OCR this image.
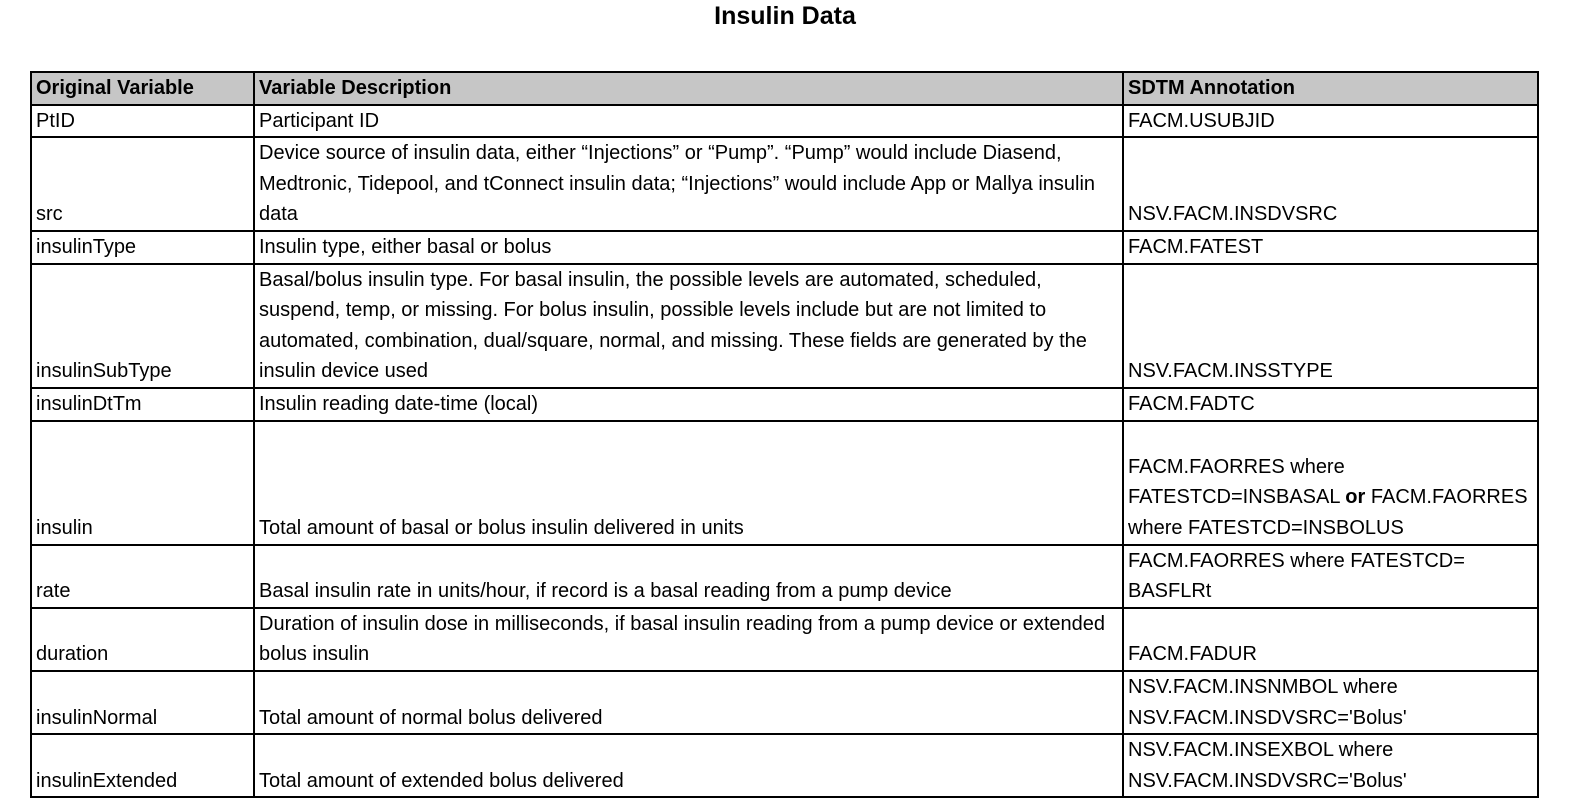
Insulin Data
Original Variable	Variable Description	SDTM Annotation
PtID	Participant ID	FACM.USUBJID
src	Device source of insulin data, either “Injections” or “Pump”. “Pump” would include Diasend, Medtronic, Tidepool, and tConnect insulin data; “Injections” would include App or Mallya insulin data	NSV.FACM.INSDVSRC
insulinType	Insulin type, either basal or bolus	FACM.FATEST
insulinSubType	Basal/bolus insulin type. For basal insulin, the possible levels are automated, scheduled, suspend, temp, or missing. For bolus insulin, possible levels include but are not limited to automated, combination, dual/square, normal, and missing. These fields are generated by the insulin device used	NSV.FACM.INSSTYPE
insulinDtTm	Insulin reading date-time (local)	FACM.FADTC
insulin	Total amount of basal or bolus insulin delivered in units	FACM.FAORRES where FATESTCD=INSBASAL or FACM.FAORRES where FATESTCD=INSBOLUS
rate	Basal insulin rate in units/hour, if record is a basal reading from a pump device	FACM.FAORRES where FATESTCD= BASFLRt
duration	Duration of insulin dose in milliseconds, if basal insulin reading from a pump device or extended bolus insulin	FACM.FADUR
insulinNormal	Total amount of normal bolus delivered	NSV.FACM.INSNMBOL where NSV.FACM.INSDVSRC='Bolus'
insulinExtended	Total amount of extended bolus delivered	NSV.FACM.INSEXBOL where NSV.FACM.INSDVSRC='Bolus'
